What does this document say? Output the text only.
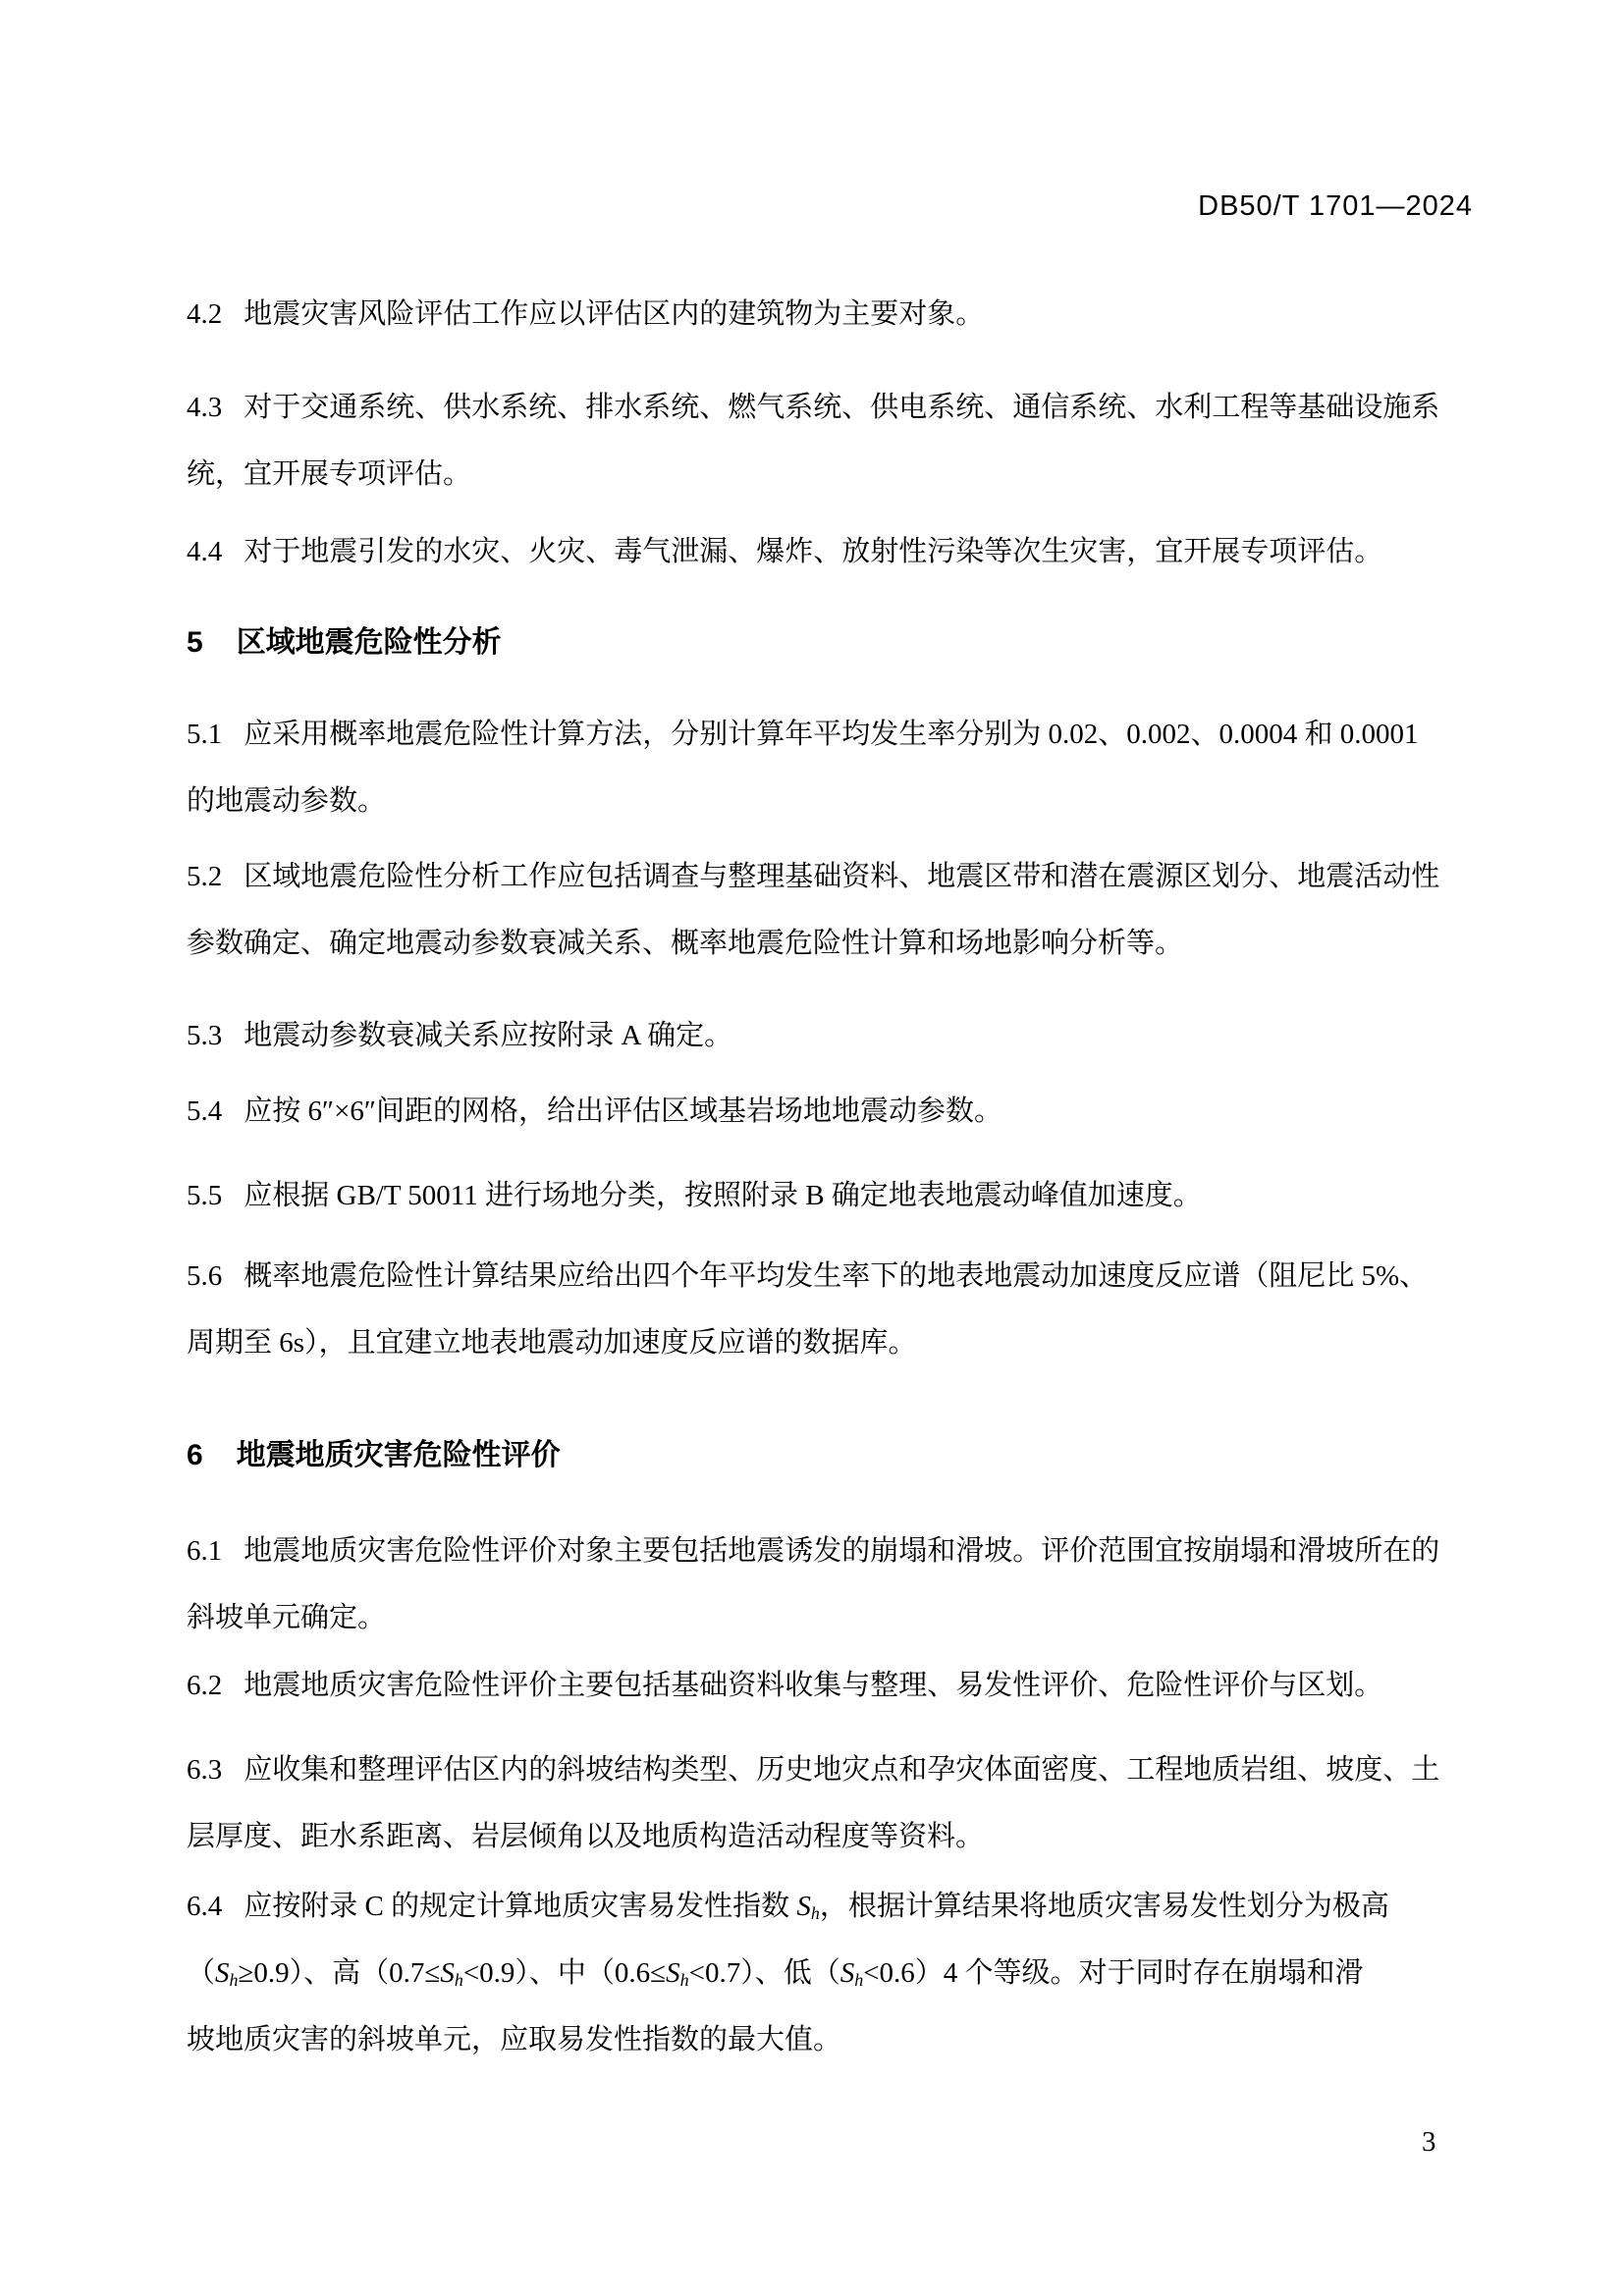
DB50/T 1701—2024
4.2 地震灾害风险评估工作应以评估区内的建筑物为主要对象。
4.3 对于交通系统、供水系统、排水系统、燃气系统、供电系统、通信系统、水利工程等基础设施系
统，宜开展专项评估。
4.4 对于地震引发的水灾、火灾、毒气泄漏、爆炸、放射性污染等次生灾害，宜开展专项评估。
5 区域地震危险性分析
5.1 应采用概率地震危险性计算方法，分别计算年平均发生率分别为 0.02、0.002、0.0004 和 0.0001
的地震动参数。
5.2 区域地震危险性分析工作应包括调查与整理基础资料、地震区带和潜在震源区划分、地震活动性
参数确定、确定地震动参数衰减关系、概率地震危险性计算和场地影响分析等。
5.3 地震动参数衰减关系应按附录 A 确定。
5.4 应按 6″×6″间距的网格，给出评估区域基岩场地地震动参数。
5.5 应根据 GB/T 50011 进行场地分类，按照附录 B 确定地表地震动峰值加速度。
5.6 概率地震危险性计算结果应给出四个年平均发生率下的地表地震动加速度反应谱（阻尼比 5%、
周期至 6s），且宜建立地表地震动加速度反应谱的数据库。
6 地震地质灾害危险性评价
6.1 地震地质灾害危险性评价对象主要包括地震诱发的崩塌和滑坡。评价范围宜按崩塌和滑坡所在的
斜坡单元确定。
6.2 地震地质灾害危险性评价主要包括基础资料收集与整理、易发性评价、危险性评价与区划。
6.3 应收集和整理评估区内的斜坡结构类型、历史地灾点和孕灾体面密度、工程地质岩组、坡度、土
层厚度、距水系距离、岩层倾角以及地质构造活动程度等资料。
6.4 应按附录 C 的规定计算地质灾害易发性指数 $S_h$，根据计算结果将地质灾害易发性划分为极高
$(S_h\ge 0.9)$、高$(0.7\le S_h<0.9)$、中$(0.6\le S_h<0.7)$、低$(S_h<0.6)4$ 个等级。对于同时存在崩塌和滑
坡地质灾害的斜坡单元，应取易发性指数的最大值。
3
